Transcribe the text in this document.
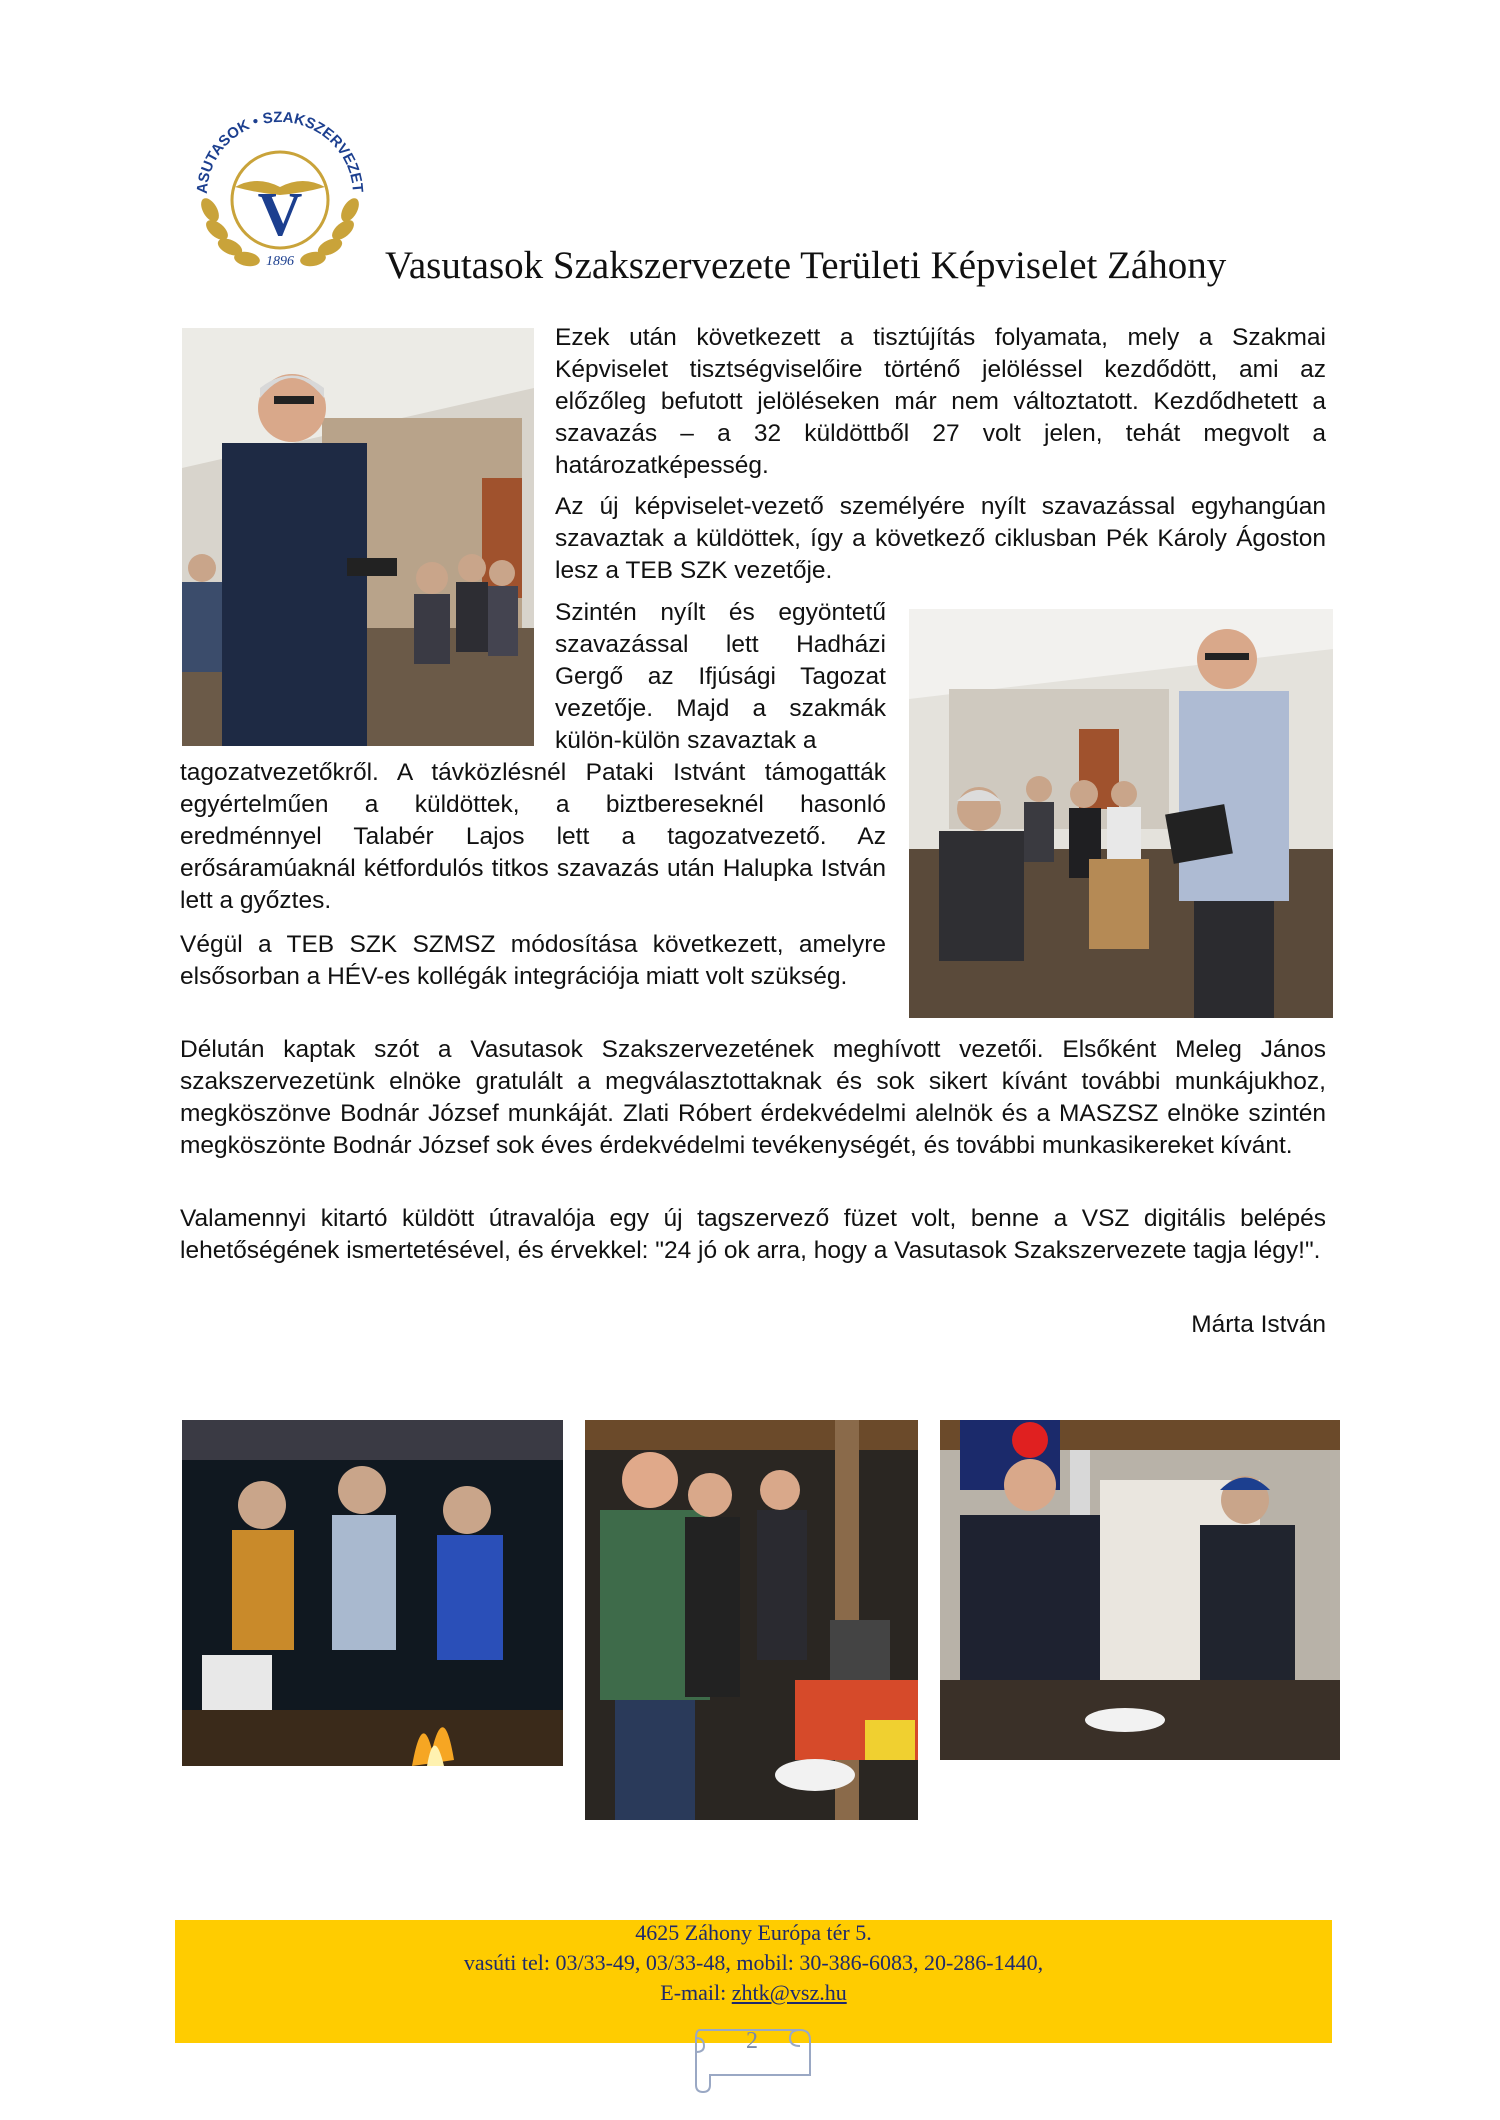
ASUTASOK • SZAKSZERVEZET
V
1896 Vasutasok Szakszervezete Területi Képviselet Záhony

Ezek után következett a tisztújítás folyamata, mely a Szakmai Képviselet tisztségviselőire történő jelöléssel kezdődött, ami az előzőleg befutott jelöléseken már nem változtatott. Kezdődhetett a szavazás – a 32 küldöttből 27 volt jelen, tehát megvolt a határozatképesség.

Az új képviselet-vezető személyére nyílt szavazással egyhangúan szavaztak a küldöttek, így a következő ciklusban Pék Károly Ágoston lesz a TEB SZK vezetője.

Szintén nyílt és egyöntetű szavazással lett Hadházi Gergő az Ifjúsági Tagozat vezetője. Majd a szakmák külön-külön szavaztak a

tagozatvezetőkről. A távközlésnél Pataki Istvánt támogatták egyértelműen a küldöttek, a biztbereseknél hasonló eredménnyel Talabér Lajos lett a tagozatvezető. Az erősáramúaknál kétfordulós titkos szavazás után Halupka István lett a győztes.

Végül a TEB SZK SZMSZ módosítása következett, amelyre elsősorban a HÉV-es kollégák integrációja miatt volt szükség.

Délután kaptak szót a Vasutasok Szakszervezetének meghívott vezetői. Elsőként Meleg János szakszervezetünk elnöke gratulált a megválasztottaknak és sok sikert kívánt további munkájukhoz, megköszönve Bodnár József munkáját. Zlati Róbert érdekvédelmi alelnök és a MASZSZ elnöke szintén megköszönte Bodnár József sok éves érdekvédelmi tevékenységét, és további munkasikereket kívánt.

Valamennyi kitartó küldött útravalója egy új tagszervező füzet volt, benne a VSZ digitális belépés lehetőségének ismertetésével, és érvekkel: "24 jó ok arra, hogy a Vasutasok Szakszervezete tagja légy!".

Márta István
4625 Záhony Európa tér 5.
vasúti tel: 03/33-49, 03/33-48, mobil: 30-386-6083, 20-286-1440,
E-mail: zhtk@vsz.hu
2
